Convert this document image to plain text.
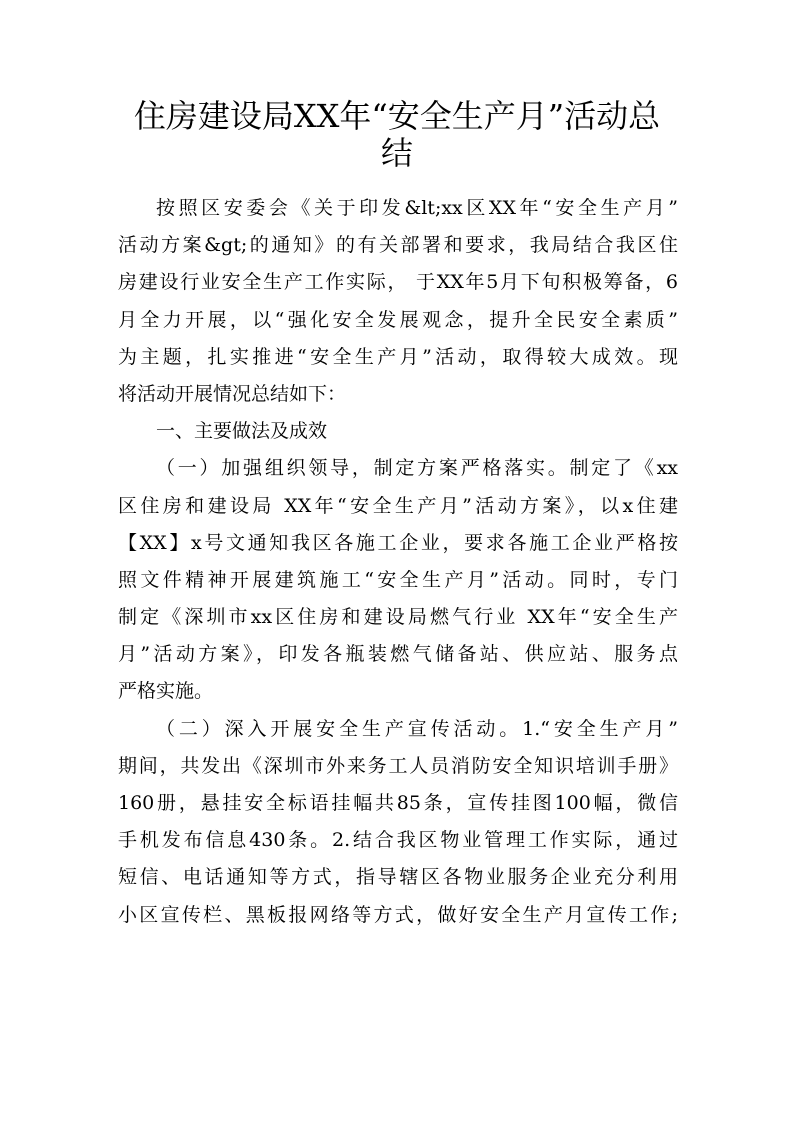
住房建设局XX年“安全生产月”活动总
结
按照区安委会《关于印发&lt;xx区XX年“安全生产月”
活动方案&gt;的通知》的有关部署和要求，我局结合我区住
房建设行业安全生产工作实际， 于XX年5月下旬积极筹备，6
月全力开展，以“强化安全发展观念，提升全民安全素质”
为主题，扎实推进“安全生产月”活动，取得较大成效。现
将活动开展情况总结如下：
一、主要做法及成效
（一）加强组织领导，制定方案严格落实。制定了《xx
区住房和建设局 XX年“安全生产月”活动方案》，以x住建
【XX】x号文通知我区各施工企业，要求各施工企业严格按
照文件精神开展建筑施工“安全生产月”活动。同时，专门
制定《深圳市xx区住房和建设局燃气行业 XX年“安全生产
月”活动方案》，印发各瓶装燃气储备站、供应站、服务点
严格实施。
（二）深入开展安全生产宣传活动。1.“安全生产月”
期间，共发出《深圳市外来务工人员消防安全知识培训手册》
160册，悬挂安全标语挂幅共85条，宣传挂图100幅，微信
手机发布信息430条。2.结合我区物业管理工作实际，通过
短信、电话通知等方式，指导辖区各物业服务企业充分利用
小区宣传栏、黑板报网络等方式，做好安全生产月宣传工作;
